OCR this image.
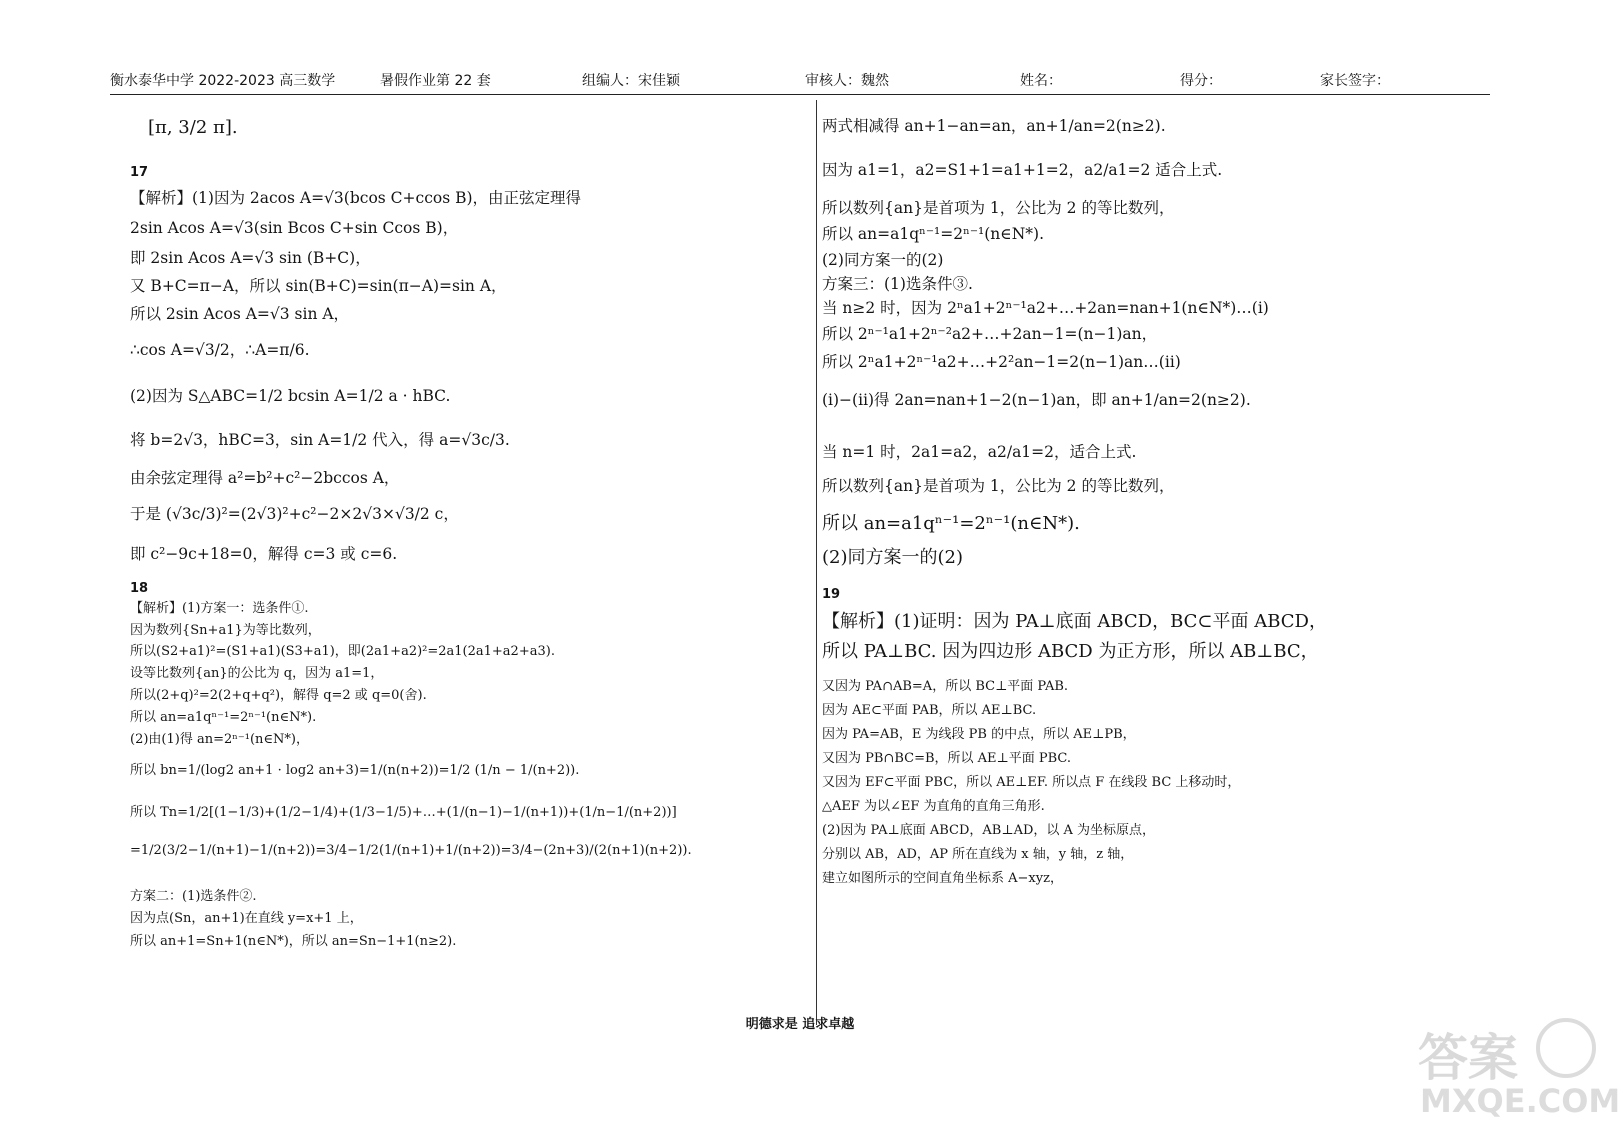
衡水泰华中学 2022-2023 高三数学	暑假作业第 22 套	组编人：宋佳颖	审核人：魏然	姓名：	得分：	家长签字：
[π, 3/2 π].
17
【解析】(1)因为 2acos A=√3(bcos C+ccos B)，由正弦定理得
2sin Acos A=√3(sin Bcos C+sin Ccos B)，
即 2sin Acos A=√3 sin (B+C)，
又 B+C=π−A，所以 sin(B+C)=sin(π−A)=sin A，
所以 2sin Acos A=√3 sin A，
∴cos A=√3/2，∴A=π/6.
(2)因为 S△ABC=1/2 bcsin A=1/2 a · hBC.
将 b=2√3，hBC=3，sin A=1/2 代入，得 a=√3c/3.
由余弦定理得 a²=b²+c²−2bccos A，
于是 (√3c/3)²=(2√3)²+c²−2×2√3×√3/2 c，
即 c²−9c+18=0，解得 c=3 或 c=6.
18
【解析】(1)方案一：选条件①.
因为数列{Sn+a1}为等比数列，
所以(S2+a1)²=(S1+a1)(S3+a1)，即(2a1+a2)²=2a1(2a1+a2+a3).
设等比数列{an}的公比为 q，因为 a1=1，
所以(2+q)²=2(2+q+q²)，解得 q=2 或 q=0(舍).
所以 an=a1qⁿ⁻¹=2ⁿ⁻¹(n∈N*).
(2)由(1)得 an=2ⁿ⁻¹(n∈N*)，
所以 bn=1/(log2 an+1 · log2 an+3)=1/(n(n+2))=1/2 (1/n − 1/(n+2)).
所以 Tn=1/2[(1−1/3)+(1/2−1/4)+(1/3−1/5)+…+(1/(n−1)−1/(n+1))+(1/n−1/(n+2))]
=1/2(3/2−1/(n+1)−1/(n+2))=3/4−1/2(1/(n+1)+1/(n+2))=3/4−(2n+3)/(2(n+1)(n+2)).
方案二：(1)选条件②.
因为点(Sn，an+1)在直线 y=x+1 上，
所以 an+1=Sn+1(n∈N*)，所以 an=Sn−1+1(n≥2).
两式相减得 an+1−an=an，an+1/an=2(n≥2).
因为 a1=1，a2=S1+1=a1+1=2，a2/a1=2 适合上式.
所以数列{an}是首项为 1，公比为 2 的等比数列，
所以 an=a1qⁿ⁻¹=2ⁿ⁻¹(n∈N*).
(2)同方案一的(2)
方案三：(1)选条件③.
当 n≥2 时，因为 2ⁿa1+2ⁿ⁻¹a2+…+2an=nan+1(n∈N*)…(ⅰ)
所以 2ⁿ⁻¹a1+2ⁿ⁻²a2+…+2an−1=(n−1)an，
所以 2ⁿa1+2ⁿ⁻¹a2+…+2²an−1=2(n−1)an…(ⅱ)
(ⅰ)−(ⅱ)得 2an=nan+1−2(n−1)an，即 an+1/an=2(n≥2).
当 n=1 时，2a1=a2，a2/a1=2，适合上式.
所以数列{an}是首项为 1，公比为 2 的等比数列，
所以 an=a1qⁿ⁻¹=2ⁿ⁻¹(n∈N*).
(2)同方案一的(2)
19
【解析】(1)证明：因为 PA⊥底面 ABCD，BC⊂平面 ABCD，
所以 PA⊥BC. 因为四边形 ABCD 为正方形，所以 AB⊥BC，
又因为 PA∩AB=A，所以 BC⊥平面 PAB.
因为 AE⊂平面 PAB，所以 AE⊥BC.
因为 PA=AB，E 为线段 PB 的中点，所以 AE⊥PB，
又因为 PB∩BC=B，所以 AE⊥平面 PBC.
又因为 EF⊂平面 PBC，所以 AE⊥EF. 所以点 F 在线段 BC 上移动时，
△AEF 为以∠EF 为直角的直角三角形.
(2)因为 PA⊥底面 ABCD，AB⊥AD，以 A 为坐标原点，
分别以 AB，AD，AP 所在直线为 x 轴，y 轴，z 轴，
建立如图所示的空间直角坐标系 A−xyz，
明德求是 追求卓越
答案
MXQE.COM
